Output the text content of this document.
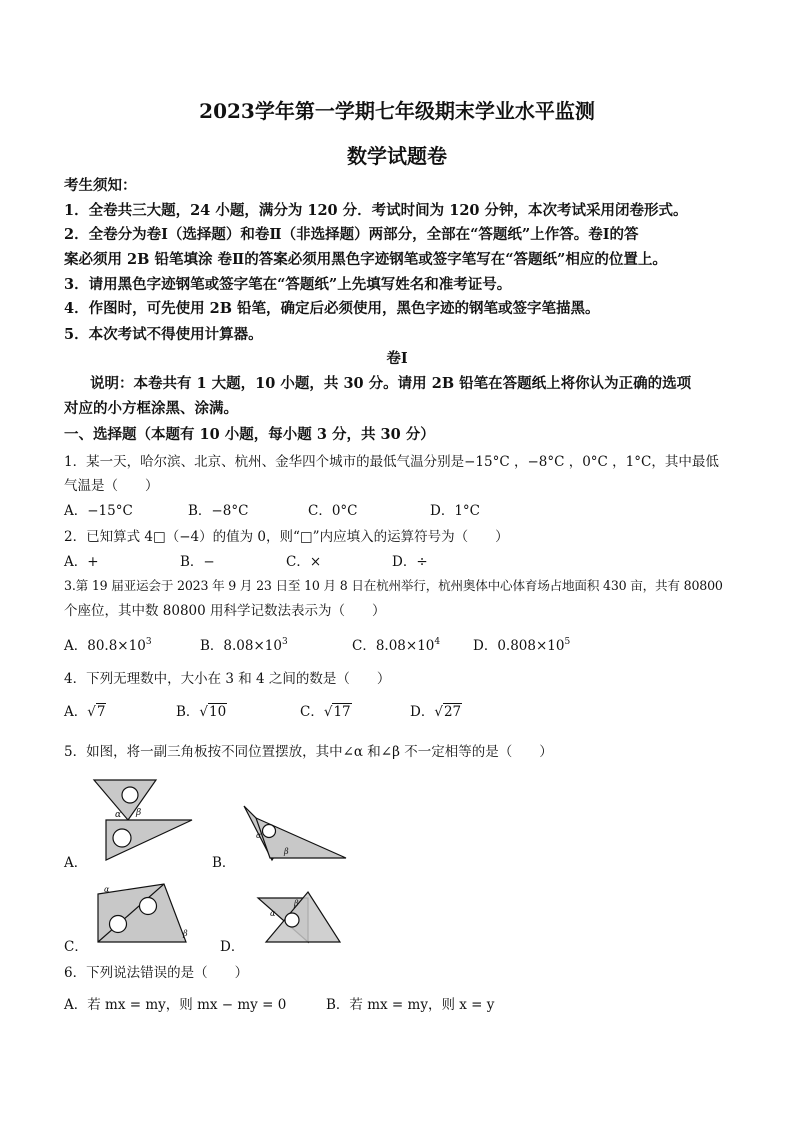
2023学年第一学期七年级期末学业水平监测
数学试题卷
考生须知：
1．全卷共三大题，24 小题，满分为 120 分．考试时间为 120 分钟，本次考试采用闭卷形式。
2．全卷分为卷Ⅰ（选择题）和卷Ⅱ（非选择题）两部分，全部在“答题纸”上作答。卷Ⅰ的答
案必须用 2B 铅笔填涂 卷Ⅱ的答案必须用黑色字迹钢笔或签字笔写在“答题纸”相应的位置上。
3．请用黑色字迹钢笔或签字笔在“答题纸”上先填写姓名和准考证号。
4．作图时，可先使用 2B 铅笔，确定后必须使用，黑色字迹的钢笔或签字笔描黑。
5．本次考试不得使用计算器。
卷Ⅰ
说明：本卷共有 1 大题，10 小题，共 30 分。请用 2B 铅笔在答题纸上将你认为正确的选项
对应的小方框涂黑、涂满。
一、选择题（本题有 10 小题，每小题 3 分，共 30 分）
1．某一天，哈尔滨、北京、杭州、金华四个城市的最低气温分别是−15°C ，−8°C ，0°C ，1°C，其中最低
气温是（　　）
A．−15°C	B．−8°C	C．0°C	D．1°C
2．已知算式 4□（−4）的值为 0，则“□”内应填入的运算符号为（　　）
A．+	B．−	C．×	D．÷
3.第 19 届亚运会于 2023 年 9 月 23 日至 10 月 8 日在杭州举行，杭州奥体中心体育场占地面积 430 亩，共有 80800
个座位，其中数 80800 用科学记数法表示为（　　）
A．$80.8\times 10^3$	B．$8.08\times 10^3$	C．$8.08\times 10^4$ D．$0.808\times 10^5$
4．下列无理数中，大小在 3 和 4 之间的数是（　　）
A．√7	B．√10	C．√17	D．√27
5．如图，将一副三角板按不同位置摆放，其中∠α 和∠β 不一定相等的是（　　）
α β
A．
α
β
B．
α
β
C．
α
β
D．
6．下列说法错误的是（　　）
A．若 mx = my，则 mx − my = 0	B．若 mx = my，则 x = y
